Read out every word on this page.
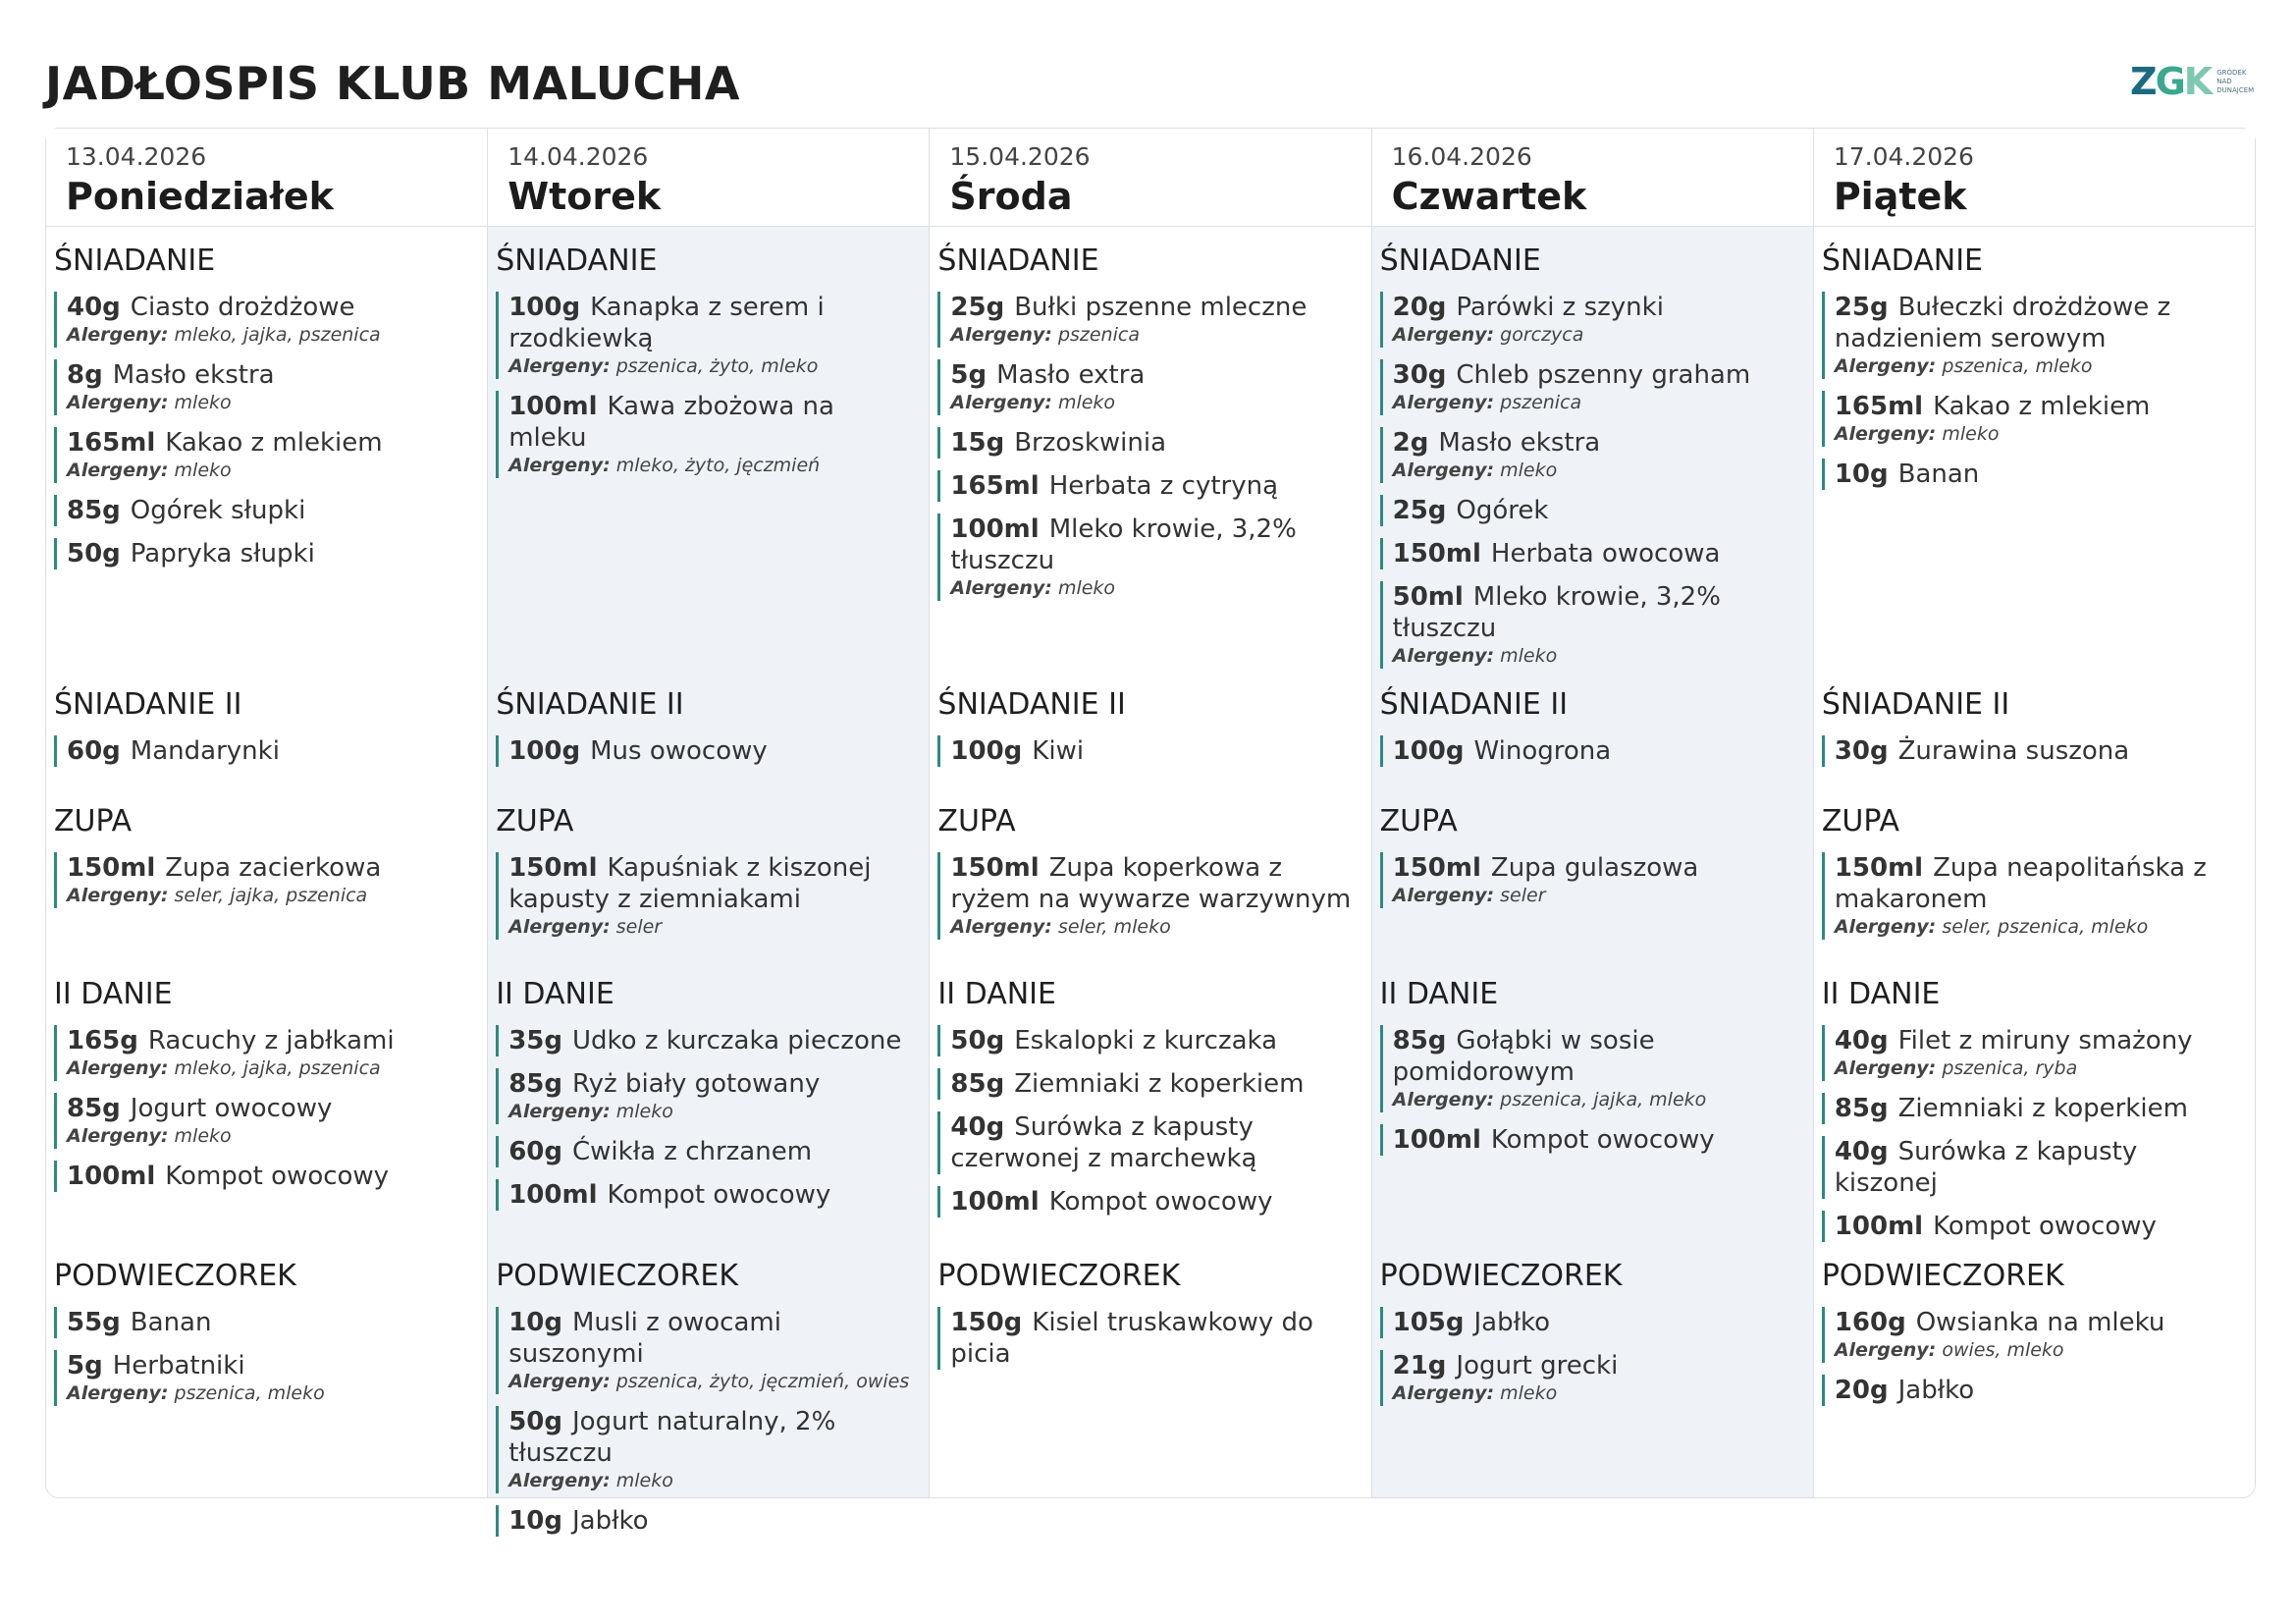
JADŁOSPIS KLUB MALUCHA	ZGK GRÓDEK
NAD
DUNAJCEM
13.04.2026
Poniedziałek
ŚNIADANIE
40g Ciasto drożdżowe
Alergeny: mleko, jajka, pszenica
8g Masło ekstra
Alergeny: mleko
165ml Kakao z mlekiem
Alergeny: mleko
85g Ogórek słupki
50g Papryka słupki
ŚNIADANIE II
60g Mandarynki
ZUPA
150ml Zupa zacierkowa
Alergeny: seler, jajka, pszenica
II DANIE
165g Racuchy z jabłkami
Alergeny: mleko, jajka, pszenica
85g Jogurt owocowy
Alergeny: mleko
100ml Kompot owocowy
PODWIECZOREK
55g Banan
5g Herbatniki
Alergeny: pszenica, mleko
14.04.2026
Wtorek
ŚNIADANIE
100g Kanapka z serem i rzodkiewką
Alergeny: pszenica, żyto, mleko
100ml Kawa zbożowa na mleku
Alergeny: mleko, żyto, jęczmień
ŚNIADANIE II
100g Mus owocowy
ZUPA
150ml Kapuśniak z kiszonej kapusty z ziemniakami
Alergeny: seler
II DANIE
35g Udko z kurczaka pieczone
85g Ryż biały gotowany
Alergeny: mleko
60g Ćwikła z chrzanem
100ml Kompot owocowy
PODWIECZOREK
10g Musli z owocami suszonymi
Alergeny: pszenica, żyto, jęczmień, owies
50g Jogurt naturalny, 2% tłuszczu
Alergeny: mleko
10g Jabłko
15.04.2026
Środa
ŚNIADANIE
25g Bułki pszenne mleczne
Alergeny: pszenica
5g Masło extra
Alergeny: mleko
15g Brzoskwinia
165ml Herbata z cytryną
100ml Mleko krowie, 3,2% tłuszczu
Alergeny: mleko
ŚNIADANIE II
100g Kiwi
ZUPA
150ml Zupa koperkowa z ryżem na wywarze warzywnym
Alergeny: seler, mleko
II DANIE
50g Eskalopki z kurczaka
85g Ziemniaki z koperkiem
40g Surówka z kapusty czerwonej z marchewką
100ml Kompot owocowy
PODWIECZOREK
150g Kisiel truskawkowy do picia
16.04.2026
Czwartek
ŚNIADANIE
20g Parówki z szynki
Alergeny: gorczyca
30g Chleb pszenny graham
Alergeny: pszenica
2g Masło ekstra
Alergeny: mleko
25g Ogórek
150ml Herbata owocowa
50ml Mleko krowie, 3,2% tłuszczu
Alergeny: mleko
ŚNIADANIE II
100g Winogrona
ZUPA
150ml Zupa gulaszowa
Alergeny: seler
II DANIE
85g Gołąbki w sosie pomidorowym
Alergeny: pszenica, jajka, mleko
100ml Kompot owocowy
PODWIECZOREK
105g Jabłko
21g Jogurt grecki
Alergeny: mleko
17.04.2026
Piątek
ŚNIADANIE
25g Bułeczki drożdżowe z nadzieniem serowym
Alergeny: pszenica, mleko
165ml Kakao z mlekiem
Alergeny: mleko
10g Banan
ŚNIADANIE II
30g Żurawina suszona
ZUPA
150ml Zupa neapolitańska z makaronem
Alergeny: seler, pszenica, mleko
II DANIE
40g Filet z miruny smażony
Alergeny: pszenica, ryba
85g Ziemniaki z koperkiem
40g Surówka z kapusty kiszonej
100ml Kompot owocowy
PODWIECZOREK
160g Owsianka na mleku
Alergeny: owies, mleko
20g Jabłko
